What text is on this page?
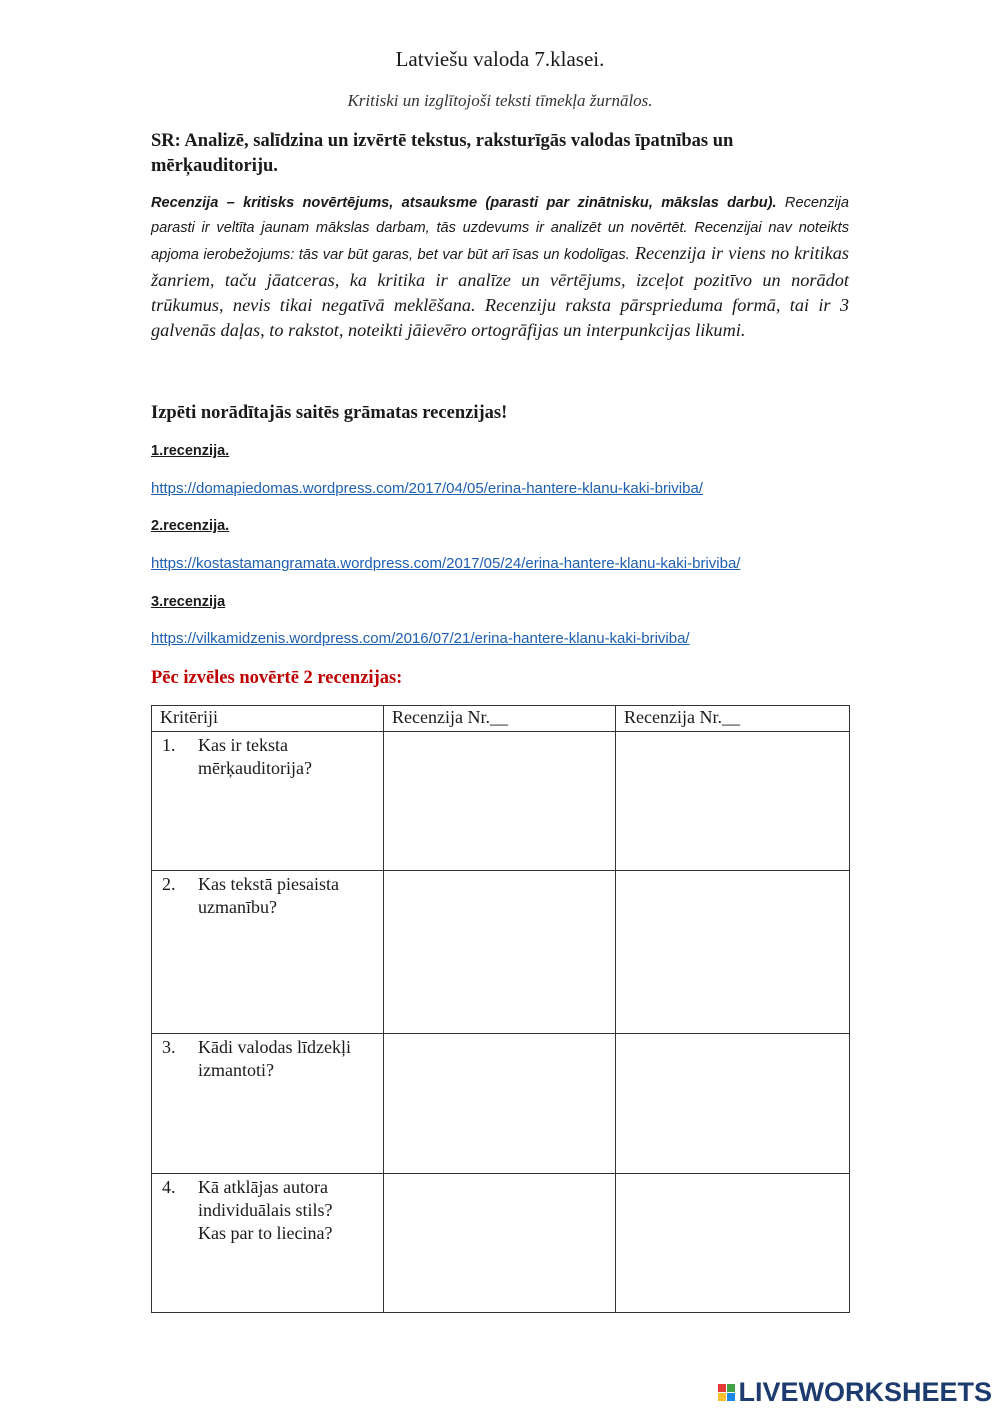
Latviešu valoda 7.klasei.
Kritiski un izglītojoši teksti tīmekļa žurnālos.
SR: Analizē, salīdzina un izvērtē tekstus, raksturīgās valodas īpatnības un mērķauditoriju.
Recenzija – kritisks novērtējums, atsauksme (parasti par zinātnisku, mākslas darbu). Recenzija parasti ir veltīta jaunam mākslas darbam, tās uzdevums ir analizēt un novērtēt. Recenzijai nav noteikts apjoma ierobežojums: tās var būt garas, bet var būt arī īsas un kodolīgas. Recenzija ir viens no kritikas žanriem, taču jāatceras, ka kritika ir analīze un vērtējums, izceļot pozitīvo un norādot trūkumus, nevis tikai negatīvā meklēšana. Recenziju raksta pārsprieduma formā, tai ir 3 galvenās daļas, to rakstot, noteikti jāievēro ortogrāfijas un interpunkcijas likumi.
Izpēti norādītajās saitēs grāmatas recenzijas!
1.recenzija.
https://domapiedomas.wordpress.com/2017/04/05/erina-hantere-klanu-kaki-briviba/
2.recenzija.
https://kostastamangramata.wordpress.com/2017/05/24/erina-hantere-klanu-kaki-briviba/
3.recenzija
https://vilkamidzenis.wordpress.com/2016/07/21/erina-hantere-klanu-kaki-briviba/
Pēc izvēles novērtē 2 recenzijas:
Kritēriji	Recenzija Nr.__	Recenzija Nr.__

1. Kas ir teksta
mērķauditorija?		

2. Kas tekstā piesaista
uzmanību?		

3. Kādi valodas līdzekļi
izmantoti?		

4. Kā atklājas autora
individuālais stils?
Kas par to liecina?		

LIVEWORKSHEETS
